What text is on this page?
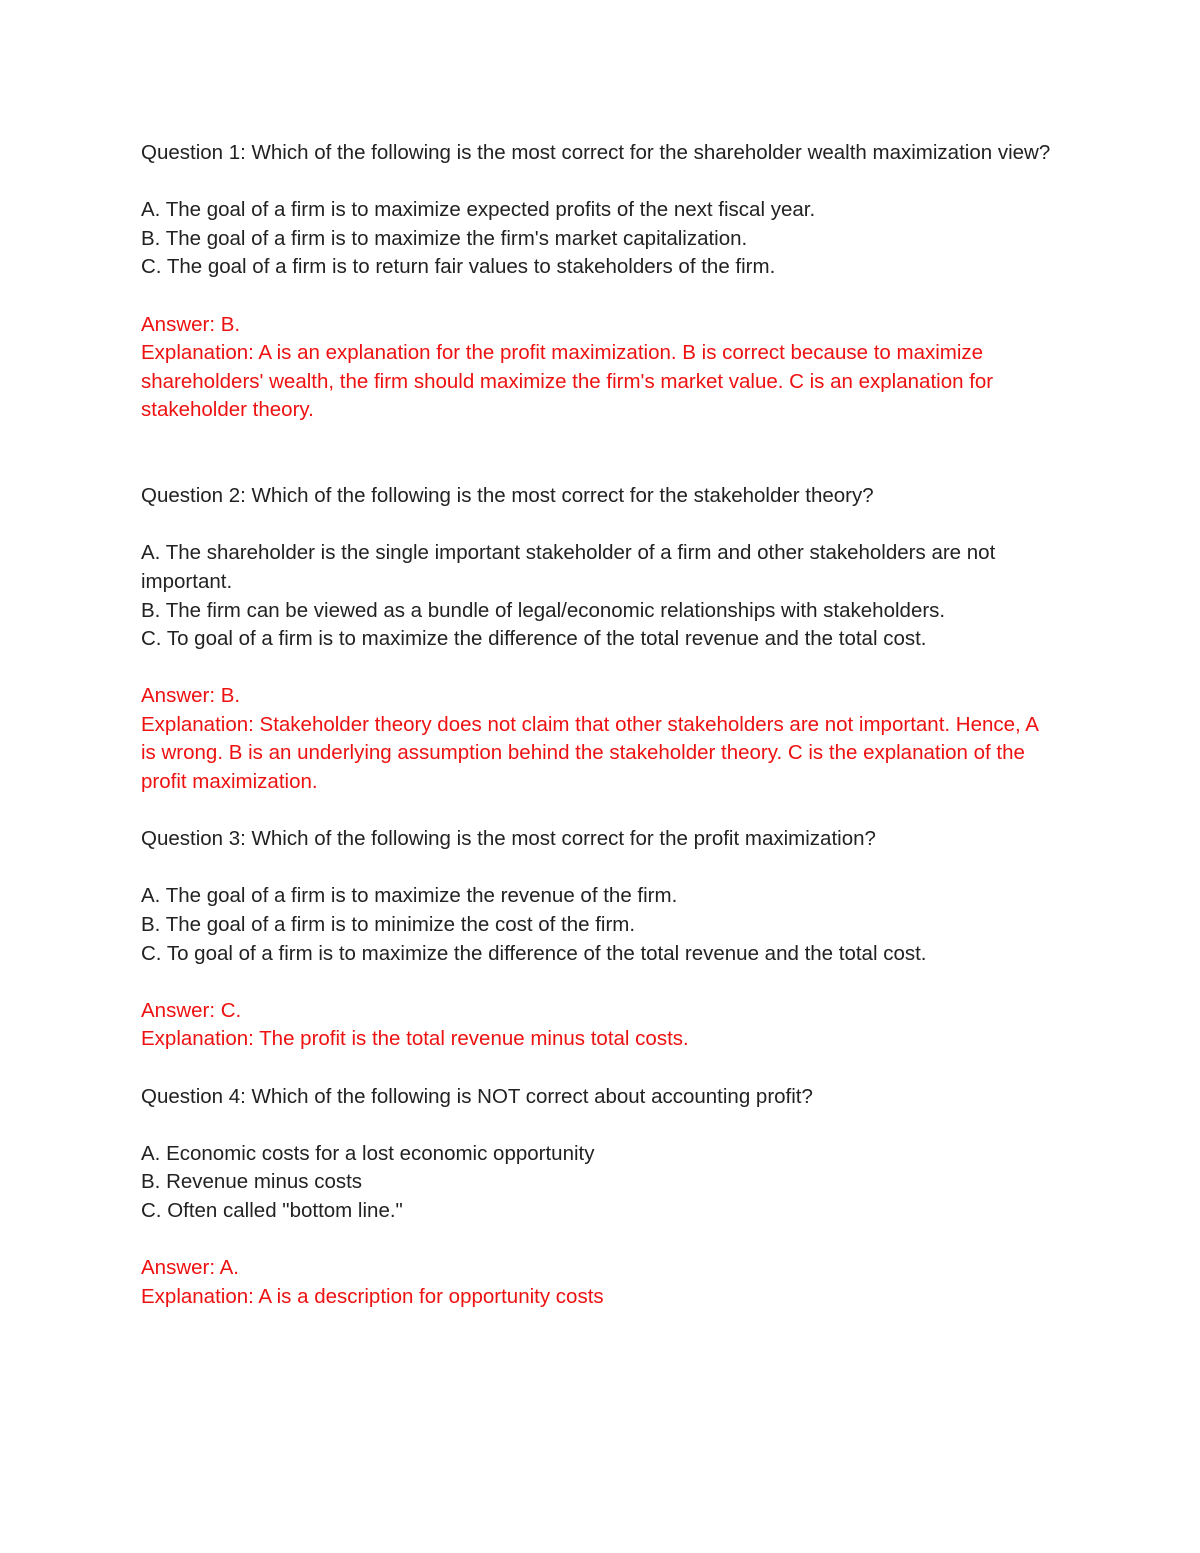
Question 1: Which of the following is the most correct for the shareholder wealth maximization view?
A. The goal of a firm is to maximize expected profits of the next fiscal year.
B. The goal of a firm is to maximize the firm's market capitalization.
C. The goal of a firm is to return fair values to stakeholders of the firm.
Answer: B.
Explanation: A is an explanation for the profit maximization. B is correct because to maximize shareholders' wealth, the firm should maximize the firm's market value. C is an explanation for stakeholder theory.
Question 2: Which of the following is the most correct for the stakeholder theory?
A. The shareholder is the single important stakeholder of a firm and other stakeholders are not important.
B. The firm can be viewed as a bundle of legal/economic relationships with stakeholders.
C. To goal of a firm is to maximize the difference of the total revenue and the total cost.
Answer: B.
Explanation: Stakeholder theory does not claim that other stakeholders are not important. Hence, A is wrong. B is an underlying assumption behind the stakeholder theory. C is the explanation of the profit maximization.
Question 3: Which of the following is the most correct for the profit maximization?
A. The goal of a firm is to maximize the revenue of the firm.
B. The goal of a firm is to minimize the cost of the firm.
C. To goal of a firm is to maximize the difference of the total revenue and the total cost.
Answer: C.
Explanation: The profit is the total revenue minus total costs.
Question 4: Which of the following is NOT correct about accounting profit?
A. Economic costs for a lost economic opportunity
B. Revenue minus costs
C. Often called "bottom line."
Answer: A.
Explanation: A is a description for opportunity costs
